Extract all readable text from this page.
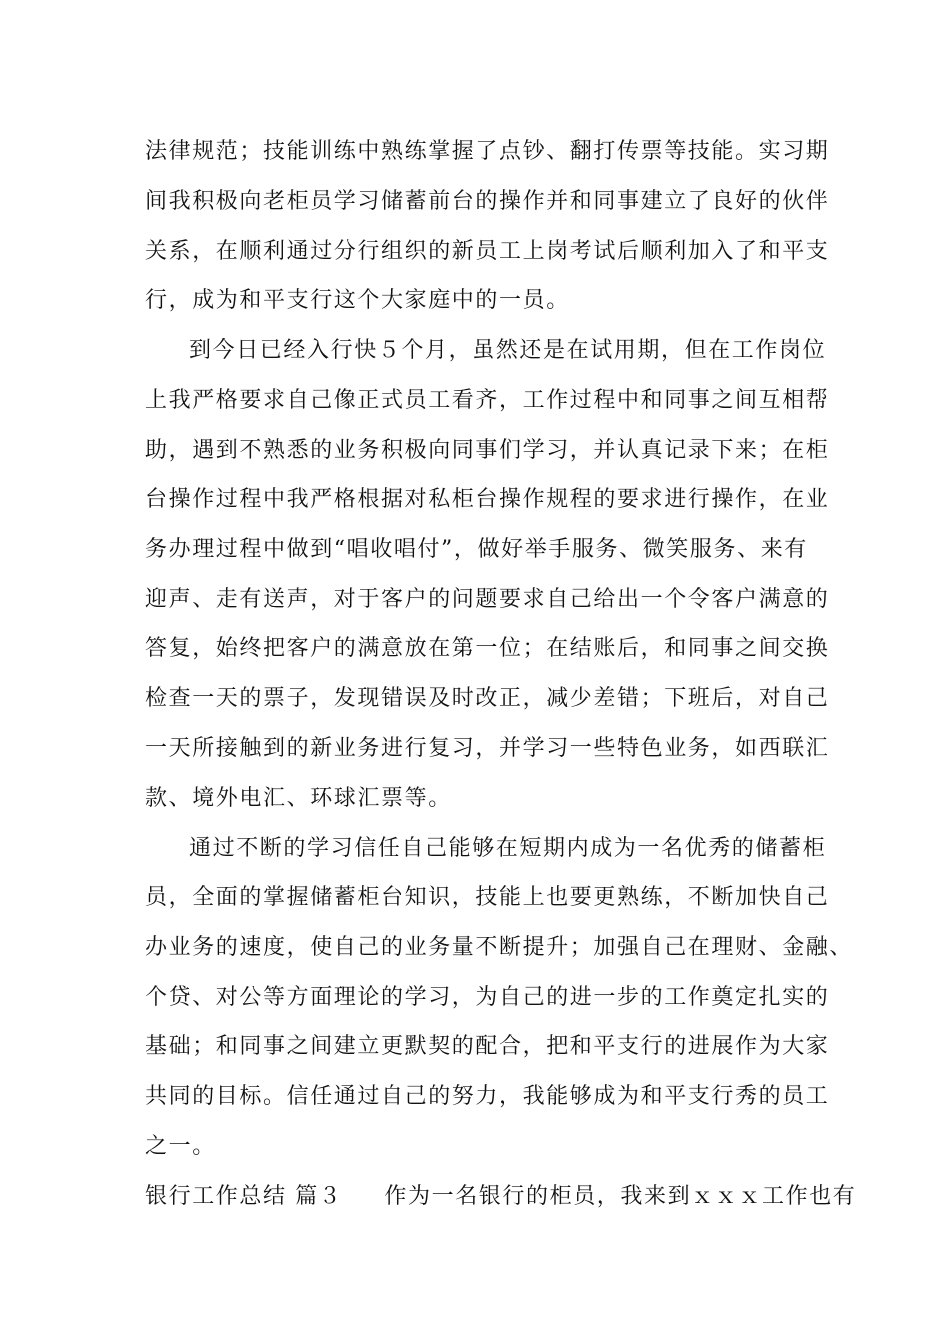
法律规范；技能训练中熟练掌握了点钞、翻打传票等技能。实习期
间我积极向老柜员学习储蓄前台的操作并和同事建立了良好的伙伴
关系，在顺利通过分行组织的新员工上岗考试后顺利加入了和平支
行，成为和平支行这个大家庭中的一员。
到今日已经入行快５个月，虽然还是在试用期，但在工作岗位
上我严格要求自己像正式员工看齐，工作过程中和同事之间互相帮
助，遇到不熟悉的业务积极向同事们学习，并认真记录下来；在柜
台操作过程中我严格根据对私柜台操作规程的要求进行操作，在业
务办理过程中做到“唱收唱付”，做好举手服务、微笑服务、来有
迎声、走有送声，对于客户的问题要求自己给出一个令客户满意的
答复，始终把客户的满意放在第一位；在结账后，和同事之间交换
检查一天的票子，发现错误及时改正，减少差错；下班后，对自己
一天所接触到的新业务进行复习，并学习一些特色业务，如西联汇
款、境外电汇、环球汇票等。
通过不断的学习信任自己能够在短期内成为一名优秀的储蓄柜
员，全面的掌握储蓄柜台知识，技能上也要更熟练，不断加快自己
办业务的速度，使自己的业务量不断提升；加强自己在理财、金融、
个贷、对公等方面理论的学习，为自己的进一步的工作奠定扎实的
基础；和同事之间建立更默契的配合，把和平支行的进展作为大家
共同的目标。信任通过自己的努力，我能够成为和平支行秀的员工
之一。
银行工作总结 篇３ 作为一名银行的柜员，我来到ｘｘｘ工作也有
